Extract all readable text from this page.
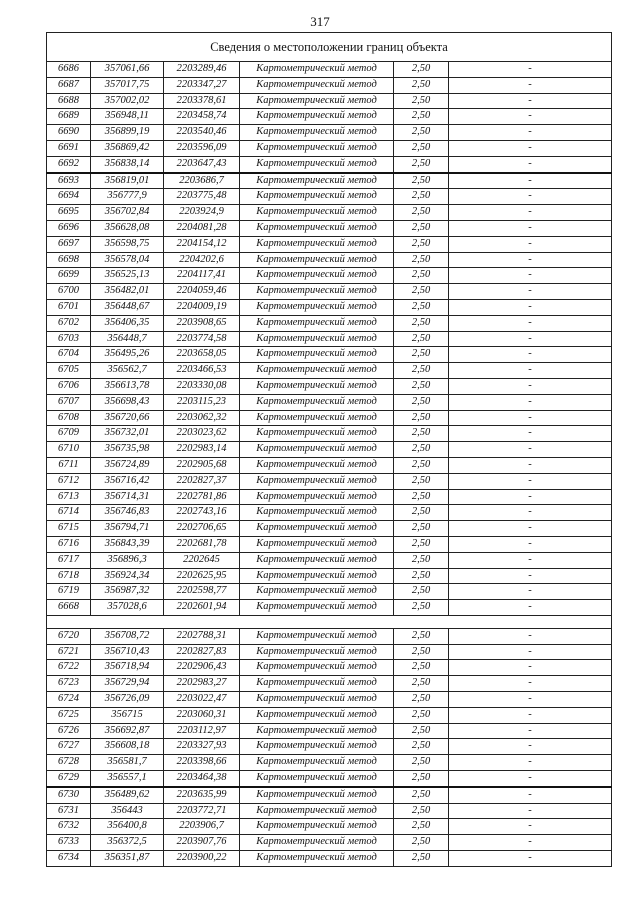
317
Сведения о местоположении границ объекта					
6686	357061,66	2203289,46	Картометрический метод	2,50	-
6687	357017,75	2203347,27	Картометрический метод	2,50	-
6688	357002,02	2203378,61	Картометрический метод	2,50	-
6689	356948,11	2203458,74	Картометрический метод	2,50	-
6690	356899,19	2203540,46	Картометрический метод	2,50	-
6691	356869,42	2203596,09	Картометрический метод	2,50	-
6692	356838,14	2203647,43	Картометрический метод	2,50	-
6693	356819,01	2203686,7	Картометрический метод	2,50	-
6694	356777,9	2203775,48	Картометрический метод	2,50	-
6695	356702,84	2203924,9	Картометрический метод	2,50	-
6696	356628,08	2204081,28	Картометрический метод	2,50	-
6697	356598,75	2204154,12	Картометрический метод	2,50	-
6698	356578,04	2204202,6	Картометрический метод	2,50	-
6699	356525,13	2204117,41	Картометрический метод	2,50	-
6700	356482,01	2204059,46	Картометрический метод	2,50	-
6701	356448,67	2204009,19	Картометрический метод	2,50	-
6702	356406,35	2203908,65	Картометрический метод	2,50	-
6703	356448,7	2203774,58	Картометрический метод	2,50	-
6704	356495,26	2203658,05	Картометрический метод	2,50	-
6705	356562,7	2203466,53	Картометрический метод	2,50	-
6706	356613,78	2203330,08	Картометрический метод	2,50	-
6707	356698,43	2203115,23	Картометрический метод	2,50	-
6708	356720,66	2203062,32	Картометрический метод	2,50	-
6709	356732,01	2203023,62	Картометрический метод	2,50	-
6710	356735,98	2202983,14	Картометрический метод	2,50	-
6711	356724,89	2202905,68	Картометрический метод	2,50	-
6712	356716,42	2202827,37	Картометрический метод	2,50	-
6713	356714,31	2202781,86	Картометрический метод	2,50	-
6714	356746,83	2202743,16	Картометрический метод	2,50	-
6715	356794,71	2202706,65	Картометрический метод	2,50	-
6716	356843,39	2202681,78	Картометрический метод	2,50	-
6717	356896,3	2202645	Картометрический метод	2,50	-
6718	356924,34	2202625,95	Картометрический метод	2,50	-
6719	356987,32	2202598,77	Картометрический метод	2,50	-
6668	357028,6	2202601,94	Картометрический метод	2,50	-

6720	356708,72	2202788,31	Картометрический метод	2,50	-
6721	356710,43	2202827,83	Картометрический метод	2,50	-
6722	356718,94	2202906,43	Картометрический метод	2,50	-
6723	356729,94	2202983,27	Картометрический метод	2,50	-
6724	356726,09	2203022,47	Картометрический метод	2,50	-
6725	356715	2203060,31	Картометрический метод	2,50	-
6726	356692,87	2203112,97	Картометрический метод	2,50	-
6727	356608,18	2203327,93	Картометрический метод	2,50	-
6728	356581,7	2203398,66	Картометрический метод	2,50	-
6729	356557,1	2203464,38	Картометрический метод	2,50	-
6730	356489,62	2203635,99	Картометрический метод	2,50	-
6731	356443	2203772,71	Картометрический метод	2,50	-
6732	356400,8	2203906,7	Картометрический метод	2,50	-
6733	356372,5	2203907,76	Картометрический метод	2,50	-
6734	356351,87	2203900,22	Картометрический метод	2,50	-
